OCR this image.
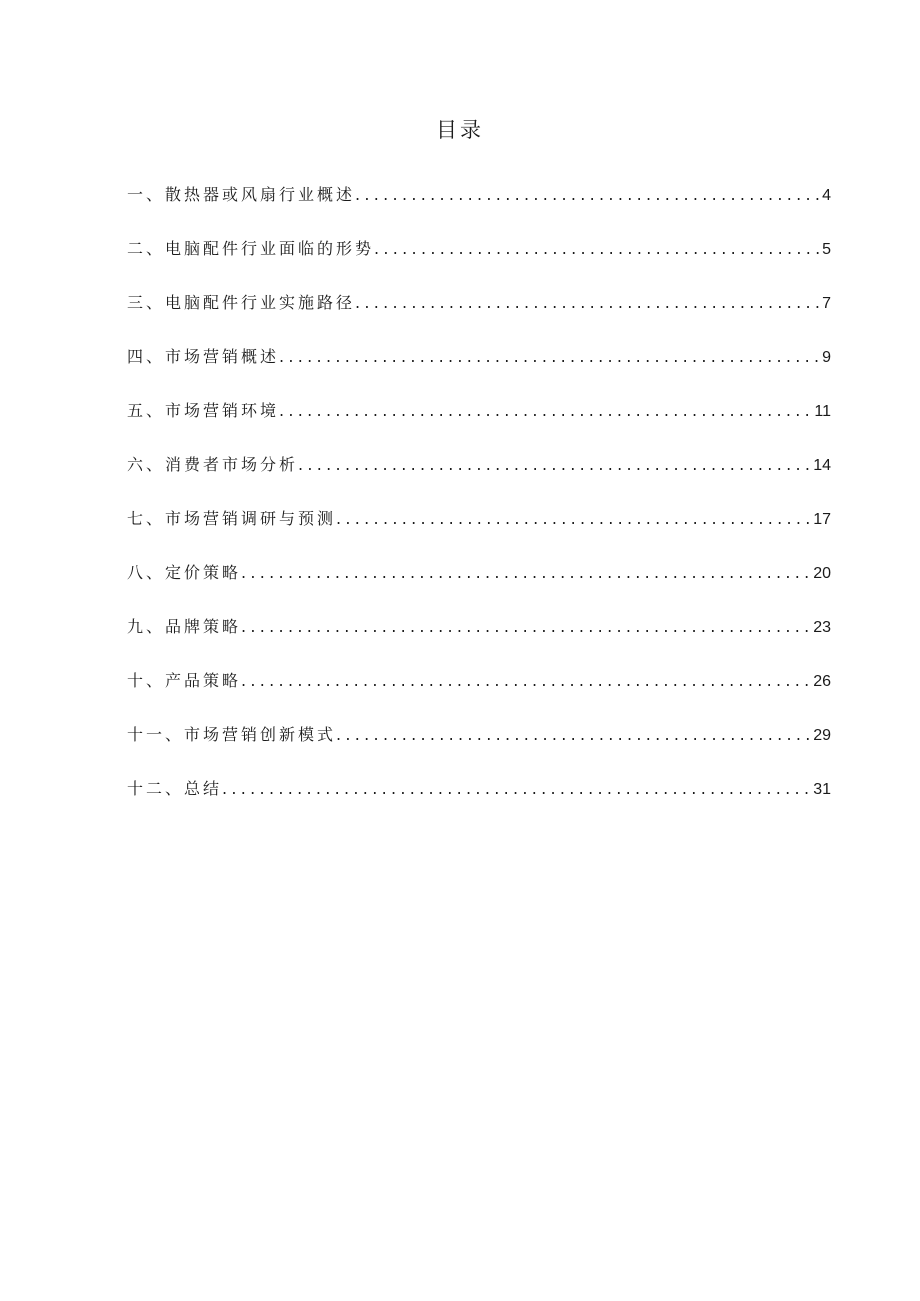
目录
一、散热器或风扇行业概述 .....	4
二、电脑配件行业面临的形势 .....	5
三、电脑配件行业实施路径 .....	7
四、市场营销概述 .....	9
五、市场营销环境 .....	11
六、消费者市场分析 .....	14
七、市场营销调研与预测 .....	17
八、定价策略 .....	20
九、品牌策略 .....	23
十、产品策略 .....	26
十一、市场营销创新模式 .....	29
十二、总结 .....	31
